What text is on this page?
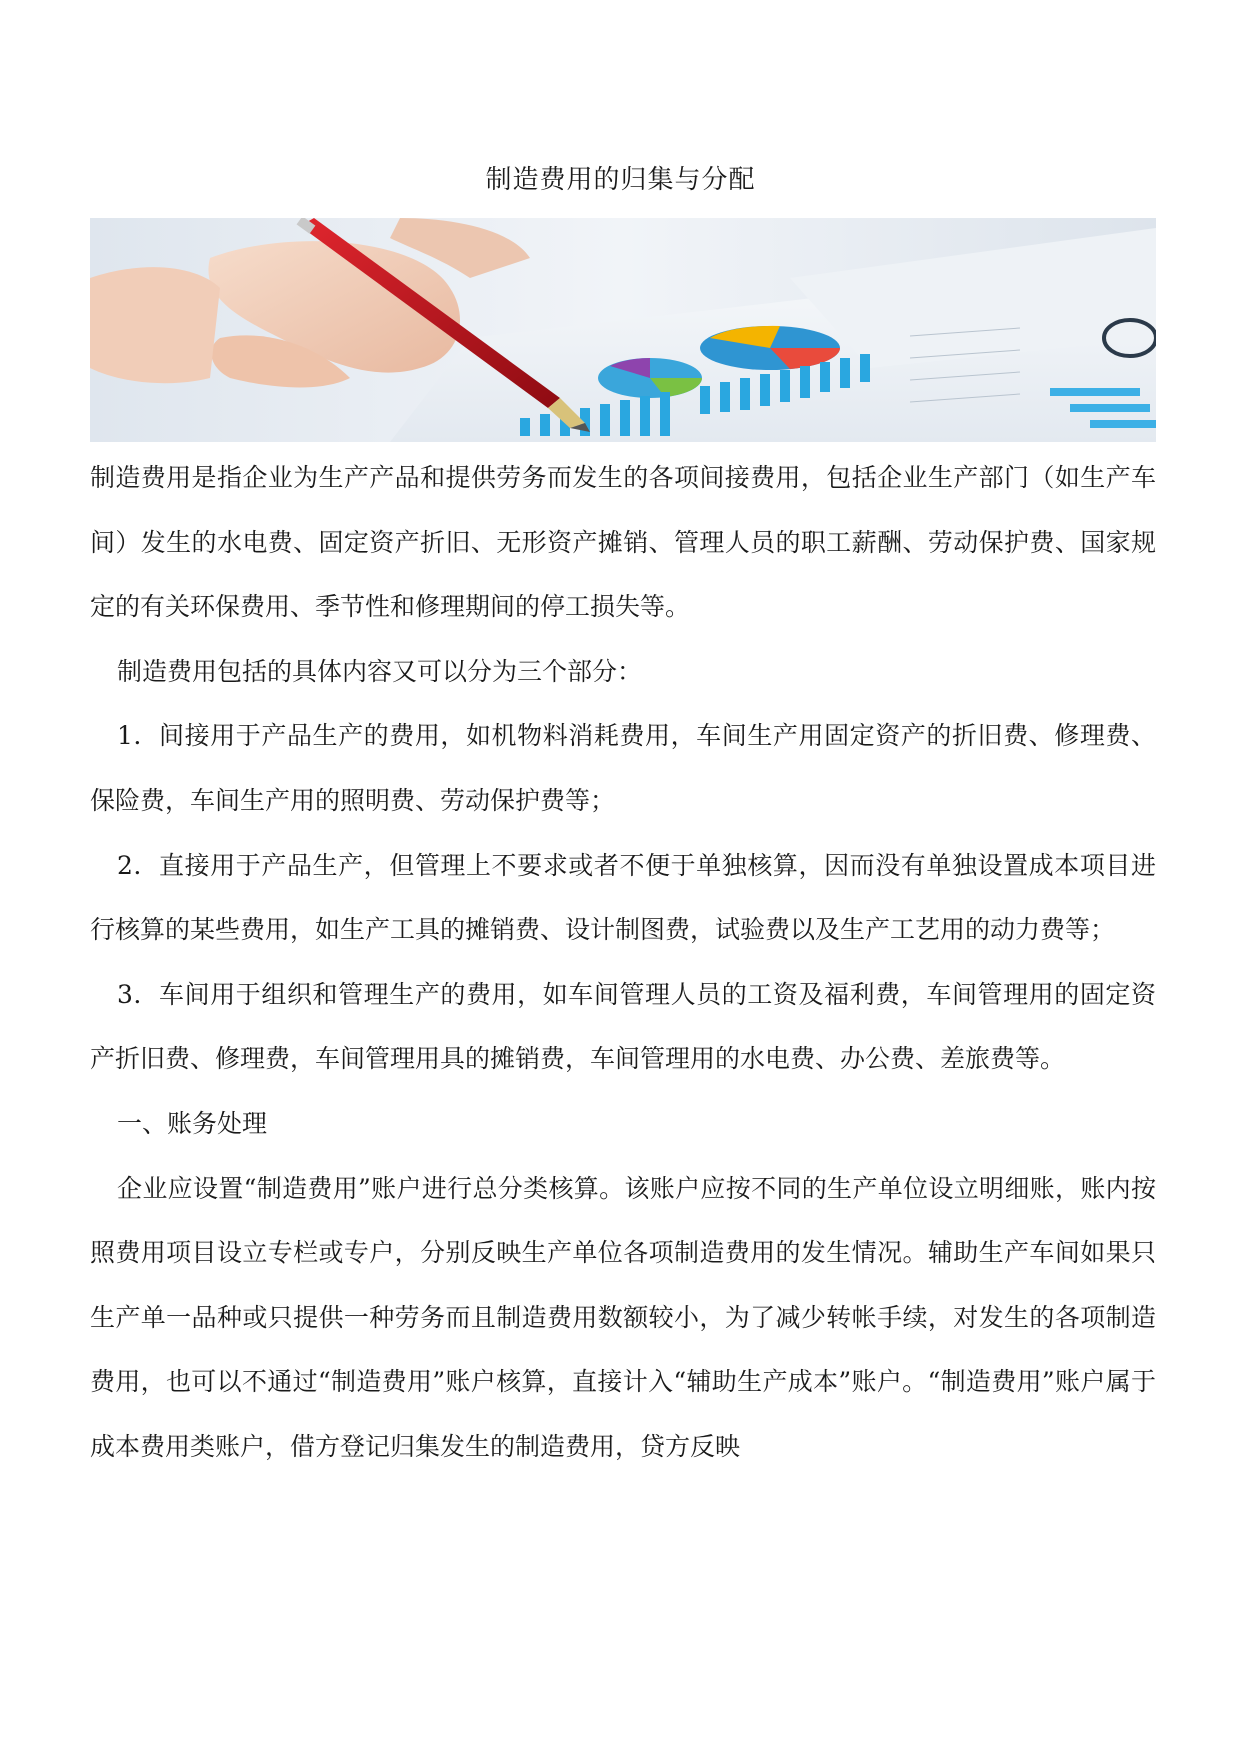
制造费用的归集与分配

制造费用是指企业为生产产品和提供劳务而发生的各项间接费用，包括企业生产部门（如生产车间）发生的水电费、固定资产折旧、无形资产摊销、管理人员的职工薪酬、劳动保护费、国家规定的有关环保费用、季节性和修理期间的停工损失等。

制造费用包括的具体内容又可以分为三个部分：

1．间接用于产品生产的费用，如机物料消耗费用，车间生产用固定资产的折旧费、修理费、保险费，车间生产用的照明费、劳动保护费等；

2．直接用于产品生产，但管理上不要求或者不便于单独核算，因而没有单独设置成本项目进行核算的某些费用，如生产工具的摊销费、设计制图费，试验费以及生产工艺用的动力费等；

3．车间用于组织和管理生产的费用，如车间管理人员的工资及福利费，车间管理用的固定资产折旧费、修理费，车间管理用具的摊销费，车间管理用的水电费、办公费、差旅费等。

一、账务处理

企业应设置“制造费用”账户进行总分类核算。该账户应按不同的生产单位设立明细账，账内按照费用项目设立专栏或专户，分别反映生产单位各项制造费用的发生情况。辅助生产车间如果只生产单一品种或只提供一种劳务而且制造费用数额较小，为了减少转帐手续，对发生的各项制造费用，也可以不通过“制造费用”账户核算，直接计入“辅助生产成本”账户。“制造费用”账户属于成本费用类账户，借方登记归集发生的制造费用，贷方反映
